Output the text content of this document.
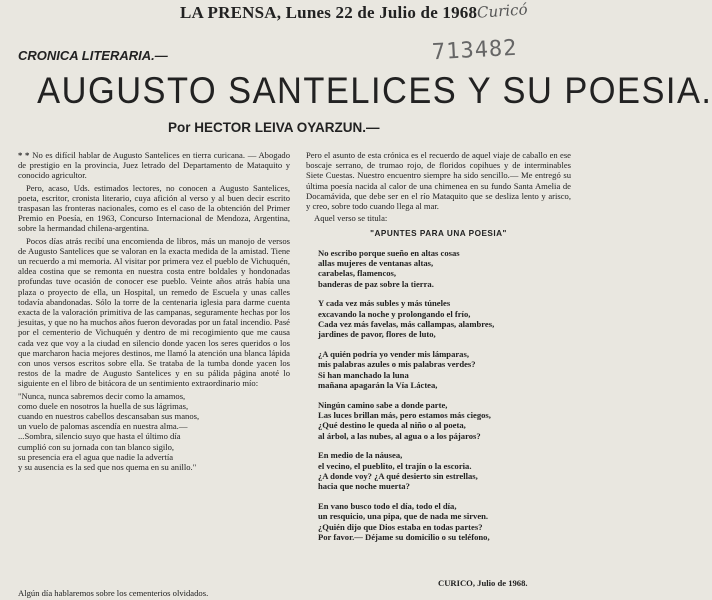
LA PRENSA, Lunes 22 de Julio de 1968 Curicó
713482
CRONICA LITERARIA.—
AUGUSTO SANTELICES Y SU POESIA.
Por HECTOR LEIVA OYARZUN.—

* * No es difícil hablar de Augusto Santelices en tierra curicana. — Abogado de prestigio en la provincia, Juez letrado del Departamento de Mataquito y conocido agricultor.

Pero, acaso, Uds. estimados lectores, no conocen a Augusto Santelices, poeta, escritor, cronista literario, cuya afición al verso y al buen decir escrito traspasan las fronteras nacionales, como es el caso de la obtención del Primer Premio en Poesía, en 1963, Concurso Internacional de Mendoza, Argentina, sobre la hermandad chilena-argentina.

Pocos días atrás recibí una encomienda de libros, más un manojo de versos de Augusto Santelices que se valoran en la exacta medida de la amistad. Tiene un recuerdo a mi memoria. Al visitar por primera vez el pueblo de Vichuquén, aldea costina que se remonta en nuestra costa entre boldales y hondonadas profundas tuve ocasión de conocer ese pueblo. Veinte años atrás había una plaza o proyecto de ella, un Hospital, un remedo de Escuela y unas calles todavía abandonadas. Sólo la torre de la centenaria iglesia para darme cuenta exacta de la valoración primitiva de las campanas, seguramente hechas por los jesuitas, y que no ha muchos años fueron devoradas por un fatal incendio. Pasé por el cementerio de Vichuquén y dentro de mi recogimiento que me causa cada vez que voy a la ciudad en silencio donde yacen los seres queridos o los que marcharon hacia mejores destinos, me llamó la atención una blanca lápida con unos versos escritos sobre ella. Se trataba de la tumba donde yacen los restos de la madre de Augusto Santelices y en su pálida página anoté lo siguiente en el libro de bitácora de un sentimiento extraordinario mío:

"Nunca, nunca sabremos decir como la amamos,
como duele en nosotros la huella de sus lágrimas,
cuando en nuestros cabellos descansaban sus manos,
un vuelo de palomas ascendía en nuestra alma.—
...Sombra, silencio suyo que hasta el último día
cumplió con su jornada con tan blanco sigilo,
su presencia era el agua que nadie la advertía
y su ausencia es la sed que nos quema en su anillo."

Pero el asunto de esta crónica es el recuerdo de aquel viaje de caballo en ese boscaje serrano, de trumao rojo, de floridos copihues y de interminables Siete Cuestas. Nuestro encuentro siempre ha sido sencillo.— Me entregó su última poesía nacida al calor de una chimenea en su fundo Santa Amelia de Docamávida, que debe ser en el río Mataquito que se desliza lento y arisco, y creo, sobre todo cuando llega al mar.

Aquel verso se titula:

"APUNTES PARA UNA POESIA"
No escribo porque sueño en altas cosas
allas mujeres de ventanas altas,
carabelas, flamencos,
banderas de paz sobre la tierra.
Y cada vez más subles y más túneles
excavando la noche y prolongando el frío,
Cada vez más favelas, más callampas, alambres,
jardines de pavor, flores de luto,
¿A quién podría yo vender mis lámparas,
mis palabras azules o mis palabras verdes?
Si han manchado la luna
mañana apagarán la Vía Láctea,
Ningún camino sabe a donde parte,
Las luces brillan más, pero estamos más ciegos,
¿Qué destino le queda al niño o al poeta,
al árbol, a las nubes, al agua o a los pájaros?
En medio de la náusea,
el vecino, el pueblito, el trajín o la escoria.
¿A donde voy? ¿A qué desierto sin estrellas,
hacia que noche muerta?
En vano busco todo el día, todo el día,
un resquicio, una pipa, que de nada me sirven.
¿Quién dijo que Dios estaba en todas partes?
Por favor.— Déjame su domicilio o su teléfono,
CURICO, Julio de 1968.
Algún día hablaremos sobre los cementerios olvidados.
